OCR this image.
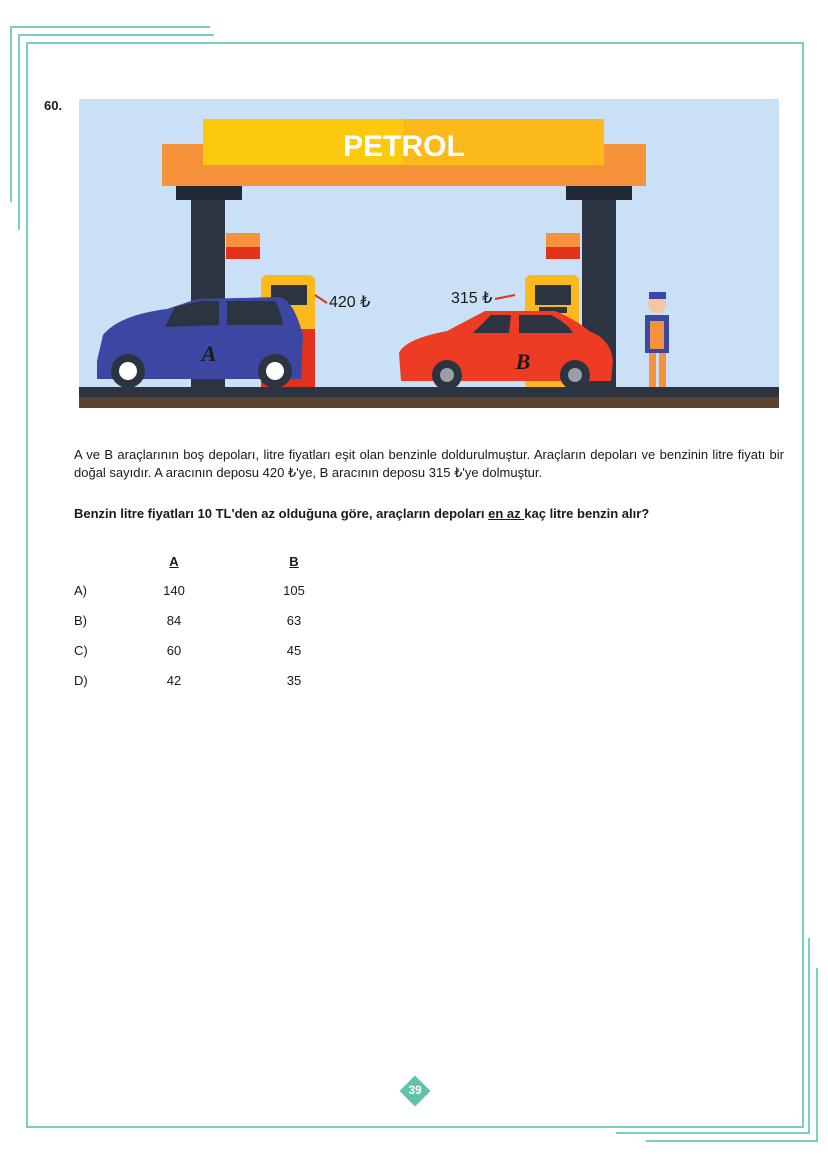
60.
PETROL
A	B
420 ₺	315 ₺
A ve B araçlarının boş depoları, litre fiyatları eşit olan benzinle doldurulmuştur. Araçların depoları ve benzinin litre fiyatı bir doğal sayıdır. A aracının deposu 420 ₺'ye, B aracının deposu 315 ₺'ye dolmuştur.
Benzin litre fiyatları 10 TL'den az olduğuna göre, araçların depoları en az kaç litre benzin alır?
A	B
A)	140	105
B)	84	63
C)	60	45
D)	42	35
39
